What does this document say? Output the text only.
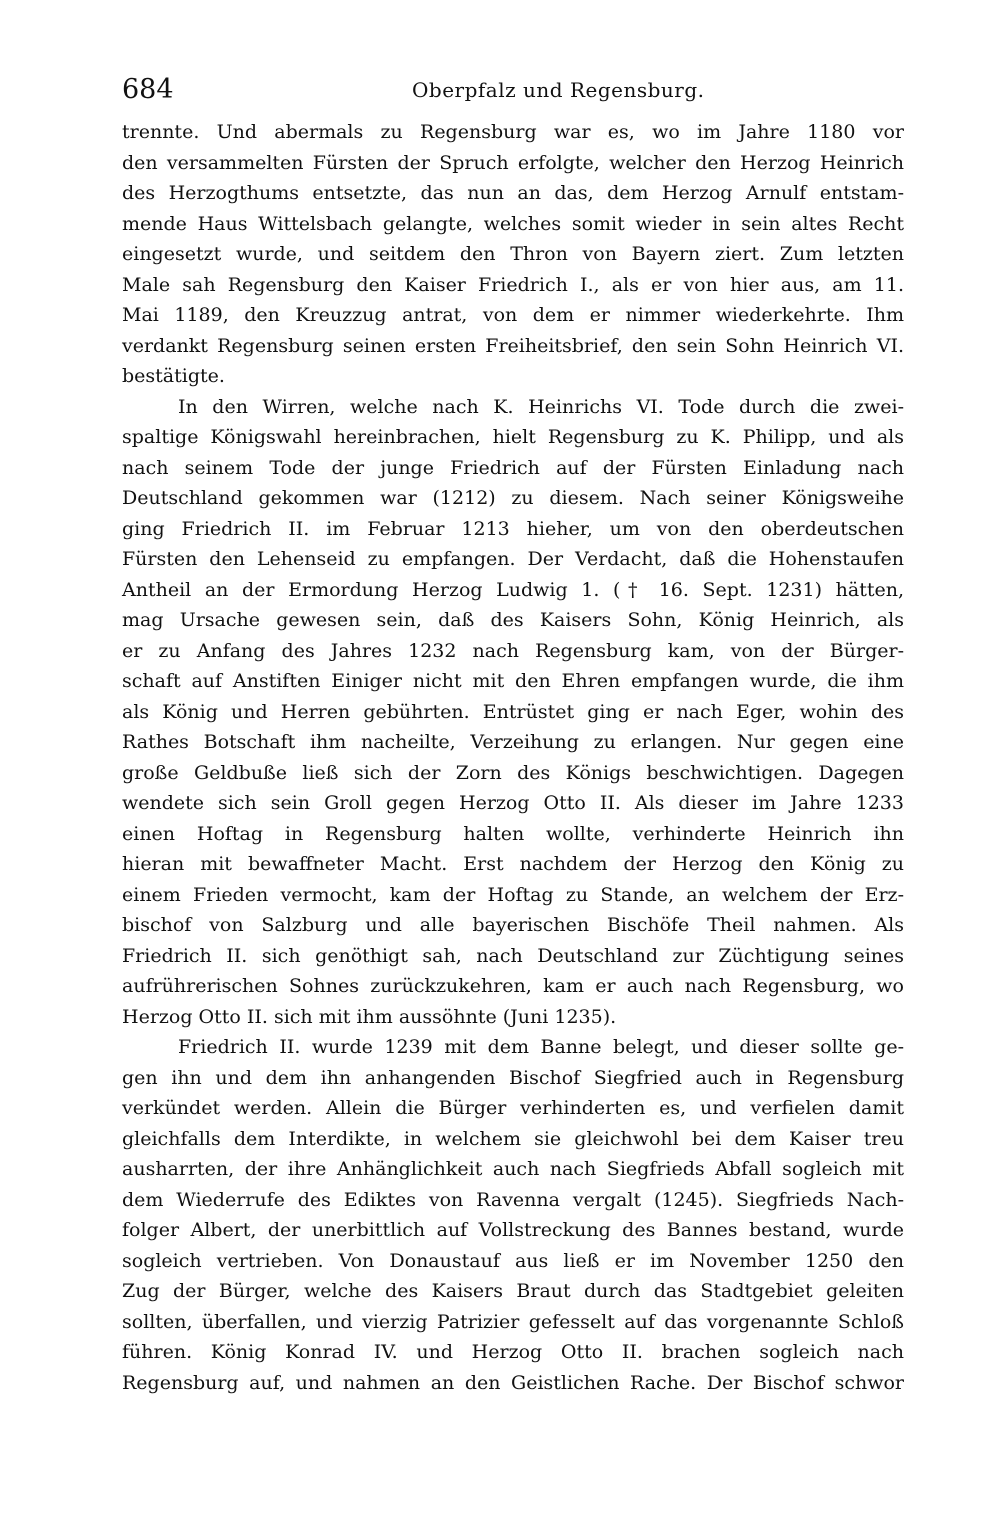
684	Oberpfalz und Regensburg.
trennte. Und abermals zu Regensburg war es, wo im Jahre 1180 vor
den versammelten Fürsten der Spruch erfolgte, welcher den Herzog Heinrich
des Herzogthums entsetzte, das nun an das, dem Herzog Arnulf entstam-
mende Haus Wittelsbach gelangte, welches somit wieder in sein altes Recht
eingesetzt wurde, und seitdem den Thron von Bayern ziert. Zum letzten
Male sah Regensburg den Kaiser Friedrich I., als er von hier aus, am 11.
Mai 1189, den Kreuzzug antrat, von dem er nimmer wiederkehrte. Ihm
verdankt Regensburg seinen ersten Freiheitsbrief, den sein Sohn Heinrich VI.
bestätigte.
In den Wirren, welche nach K. Heinrichs VI. Tode durch die zwei-
spaltige Königswahl hereinbrachen, hielt Regensburg zu K. Philipp, und als
nach seinem Tode der junge Friedrich auf der Fürsten Einladung nach
Deutschland gekommen war (1212) zu diesem. Nach seiner Königsweihe
ging Friedrich II. im Februar 1213 hieher, um von den oberdeutschen
Fürsten den Lehenseid zu empfangen. Der Verdacht, daß die Hohenstaufen
Antheil an der Ermordung Herzog Ludwig 1. († 16. Sept. 1231) hätten,
mag Ursache gewesen sein, daß des Kaisers Sohn, König Heinrich, als
er zu Anfang des Jahres 1232 nach Regensburg kam, von der Bürger-
schaft auf Anstiften Einiger nicht mit den Ehren empfangen wurde, die ihm
als König und Herren gebührten. Entrüstet ging er nach Eger, wohin des
Rathes Botschaft ihm nacheilte, Verzeihung zu erlangen. Nur gegen eine
große Geldbuße ließ sich der Zorn des Königs beschwichtigen. Dagegen
wendete sich sein Groll gegen Herzog Otto II. Als dieser im Jahre 1233
einen Hoftag in Regensburg halten wollte, verhinderte Heinrich ihn
hieran mit bewaffneter Macht. Erst nachdem der Herzog den König zu
einem Frieden vermocht, kam der Hoftag zu Stande, an welchem der Erz-
bischof von Salzburg und alle bayerischen Bischöfe Theil nahmen. Als
Friedrich II. sich genöthigt sah, nach Deutschland zur Züchtigung seines
aufrührerischen Sohnes zurückzukehren, kam er auch nach Regensburg, wo
Herzog Otto II. sich mit ihm aussöhnte (Juni 1235).
Friedrich II. wurde 1239 mit dem Banne belegt, und dieser sollte ge-
gen ihn und dem ihn anhangenden Bischof Siegfried auch in Regensburg
verkündet werden. Allein die Bürger verhinderten es, und verfielen damit
gleichfalls dem Interdikte, in welchem sie gleichwohl bei dem Kaiser treu
ausharrten, der ihre Anhänglichkeit auch nach Siegfrieds Abfall sogleich mit
dem Wiederrufe des Ediktes von Ravenna vergalt (1245). Siegfrieds Nach-
folger Albert, der unerbittlich auf Vollstreckung des Bannes bestand, wurde
sogleich vertrieben. Von Donaustauf aus ließ er im November 1250 den
Zug der Bürger, welche des Kaisers Braut durch das Stadtgebiet geleiten
sollten, überfallen, und vierzig Patrizier gefesselt auf das vorgenannte Schloß
führen. König Konrad IV. und Herzog Otto II. brachen sogleich nach
Regensburg auf, und nahmen an den Geistlichen Rache. Der Bischof schwor
